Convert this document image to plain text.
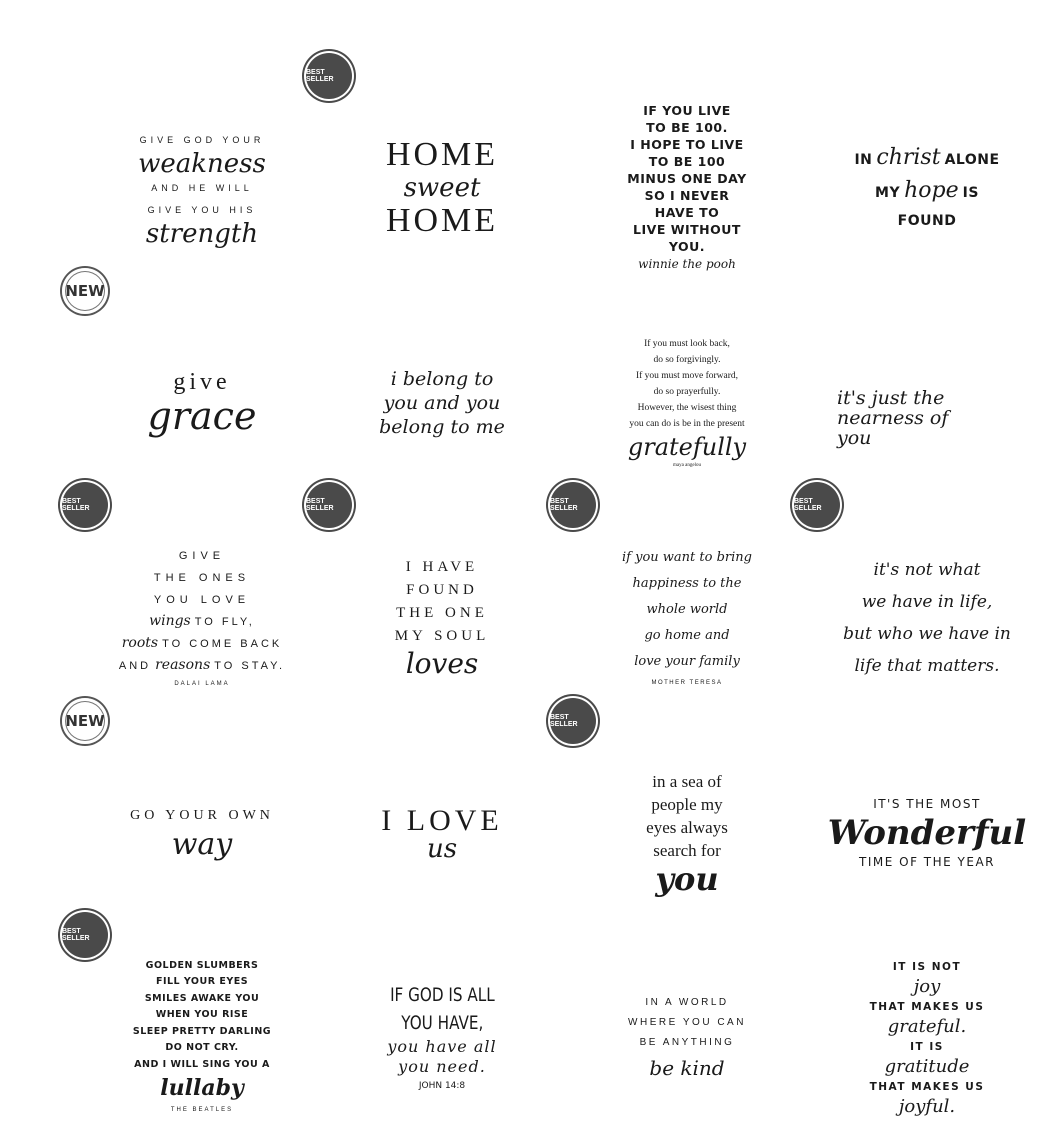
GIVE GOD YOUR
weakness
AND HE WILL
GIVE YOU HIS
strength
BEST SELLER
HOME
sweet
HOME
IF YOU LIVE
TO BE 100.
I HOPE TO LIVE
TO BE 100
MINUS ONE DAY
SO I NEVER
HAVE TO
LIVE WITHOUT
YOU.
winnie the pooh
IN christ ALONE
MY hope IS
FOUND
NEW
give
grace
i belong to
you and you
belong to me
If you must look back,
do so forgivingly.
If you must move forward,
do so prayerfully.
However, the wisest thing
you can do is be in the present
gratefully
maya angelou
it's just the
nearness of
you
BEST SELLER
GIVE
THE ONES
YOU LOVE
wings TO FLY,
roots TO COME BACK
AND reasons TO STAY.
DALAI LAMA
BEST SELLER
I HAVE
FOUND
THE ONE
MY SOUL
loves
BEST SELLER
if you want to bring
happiness to the
whole world
go home and
love your family
MOTHER TERESA
BEST SELLER
it's not what
we have in life,
but who we have in
life that matters.
NEW
GO YOUR OWN
way
I LOVE
us
BEST SELLER
in a sea of
people my
eyes always
search for
you
IT'S THE MOST
Wonderful
TIME OF THE YEAR
BEST SELLER
GOLDEN SLUMBERS
FILL YOUR EYES
SMILES AWAKE YOU
WHEN YOU RISE
SLEEP PRETTY DARLING
DO NOT CRY.
AND I WILL SING YOU A
lullaby
THE BEATLES
IF GOD IS ALL
YOU HAVE,
you have all
you need.
JOHN 14:8
IN A WORLD
WHERE YOU CAN
BE ANYTHING
be kind
IT IS NOT
joy
THAT MAKES US
grateful.
IT IS
gratitude
THAT MAKES US
joyful.
